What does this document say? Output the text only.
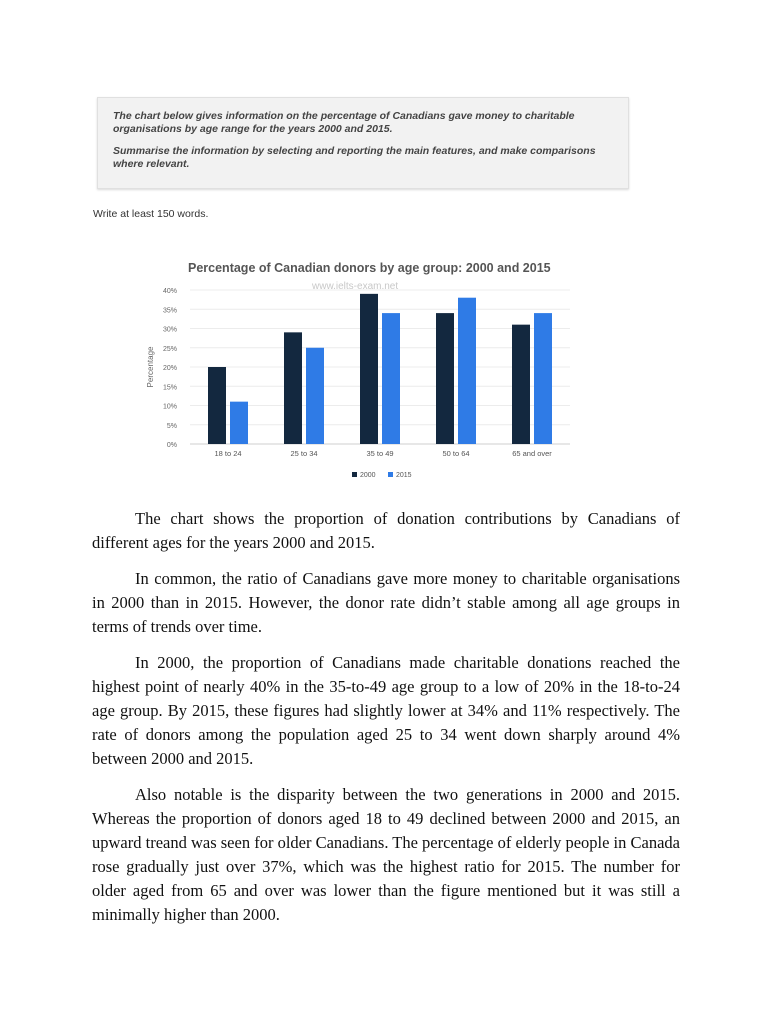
The chart below gives information on the percentage of Canadians gave money to charitable organisations by age range for the years 2000 and 2015.

Summarise the information by selecting and reporting the main features, and make comparisons where relevant.

Write at least 150 words.
Percentage of Canadian donors by age group: 2000 and 2015
www.ielts-exam.net
0%
5%
10%
15%
20%
25%
30%
35%
40%
Percentage
18 to 24	25 to 34	35 to 49	50 to 64	65 and over
2000	2015

The chart shows the proportion of donation contributions by Canadians of different ages for the years 2000 and 2015.

In common, the ratio of Canadians gave more money to charitable organisations in 2000 than in 2015. However, the donor rate didn’t stable among all age groups in terms of trends over time.

In 2000, the proportion of Canadians made charitable donations reached the highest point of nearly 40% in the 35-to-49 age group to a low of 20% in the 18-to-24 age group. By 2015, these figures had slightly lower at 34% and 11% respectively. The rate of donors among the population aged 25 to 34 went down sharply around 4% between 2000 and 2015.

Also notable is the disparity between the two generations in 2000 and 2015. Whereas the proportion of donors aged 18 to 49 declined between 2000 and 2015, an upward treand was seen for older Canadians. The percentage of elderly people in Canada rose gradually just over 37%, which was the highest ratio for 2015. The number for older aged from 65 and over was lower than the figure mentioned but it was still a minimally higher than 2000.
